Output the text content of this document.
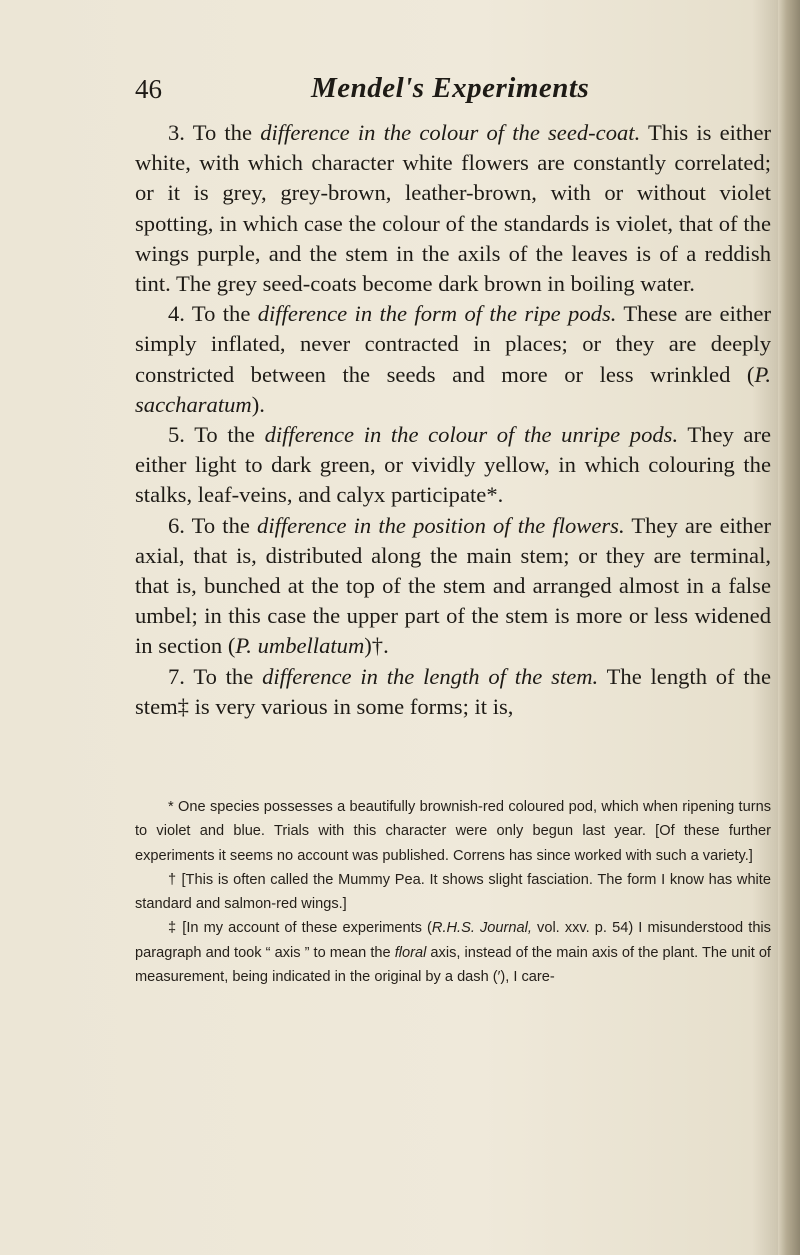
46	Mendel's Experiments

3. To the difference in the colour of the seed-coat. This is either white, with which character white flowers are constantly correlated; or it is grey, grey-brown, leather-brown, with or without violet spotting, in which case the colour of the standards is violet, that of the wings purple, and the stem in the axils of the leaves is of a reddish tint. The grey seed-coats become dark brown in boiling water.

4. To the difference in the form of the ripe pods. These are either simply inflated, never contracted in places; or they are deeply constricted between the seeds and more or less wrinkled (P. saccharatum).

5. To the difference in the colour of the unripe pods. They are either light to dark green, or vividly yellow, in which colouring the stalks, leaf-veins, and calyx participate*.

6. To the difference in the position of the flowers. They are either axial, that is, distributed along the main stem; or they are terminal, that is, bunched at the top of the stem and arranged almost in a false umbel; in this case the upper part of the stem is more or less widened in section (P. umbellatum)†.

7. To the difference in the length of the stem. The length of the stem‡ is very various in some forms; it is,

* One species possesses a beautifully brownish-red coloured pod, which when ripening turns to violet and blue. Trials with this character were only begun last year. [Of these further experiments it seems no account was published. Correns has since worked with such a variety.]

† [This is often called the Mummy Pea. It shows slight fasciation. The form I know has white standard and salmon-red wings.]

‡ [In my account of these experiments (R.H.S. Journal, vol. xxv. p. 54) I misunderstood this paragraph and took “ axis ” to mean the floral axis, instead of the main axis of the plant. The unit of measurement, being indicated in the original by a dash (′), I care-
